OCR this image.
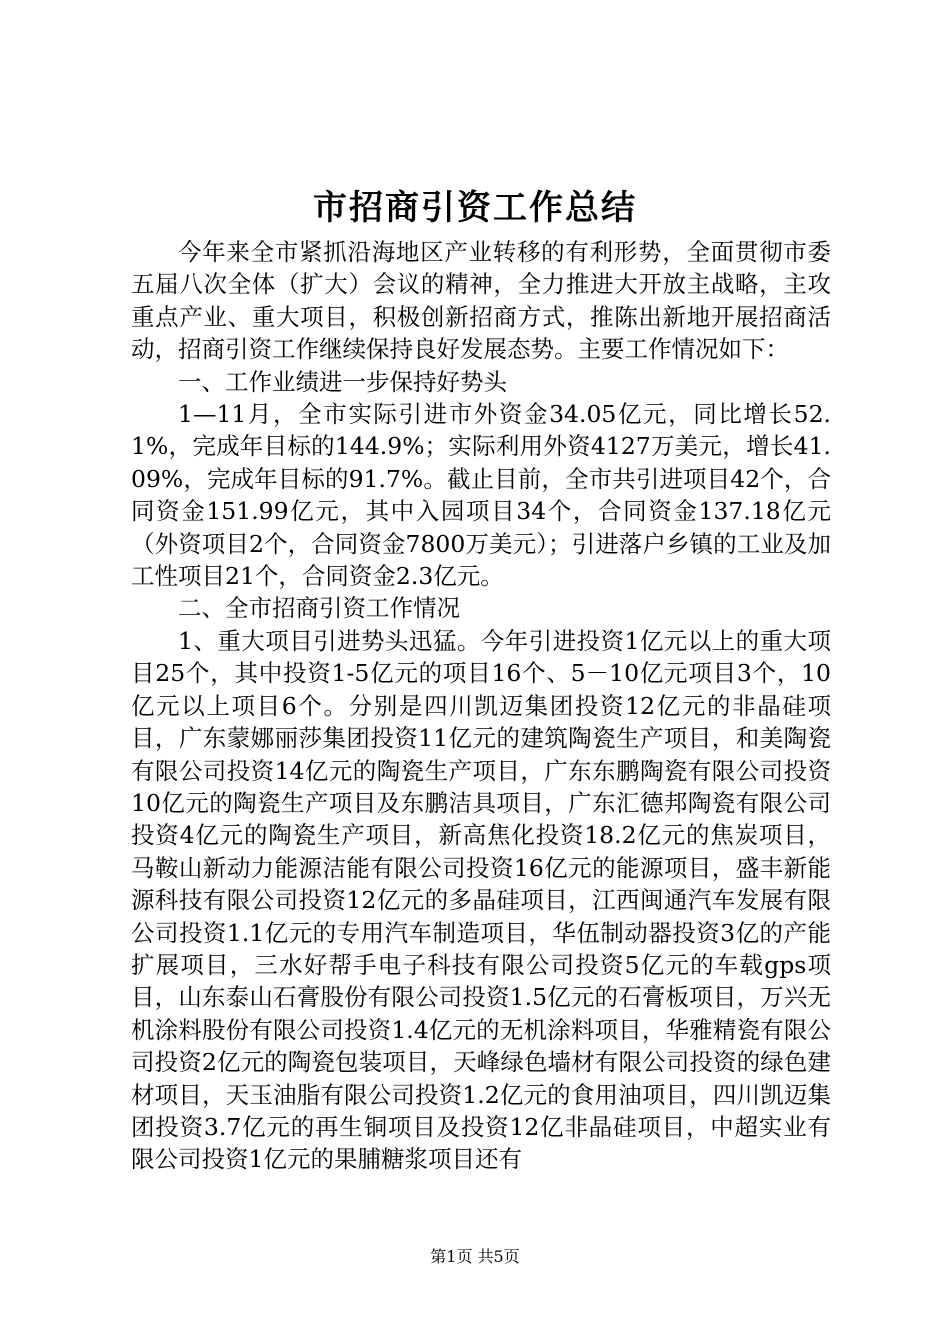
市招商引资工作总结

今年来全市紧抓沿海地区产业转移的有利形势，全面贯彻市委五届八次全体（扩大）会议的精神，全力推进大开放主战略，主攻重点产业、重大项目，积极创新招商方式，推陈出新地开展招商活动，招商引资工作继续保持良好发展态势。主要工作情况如下：

一、工作业绩进一步保持好势头

1—11月，全市实际引进市外资金34.05亿元，同比增长52.1%，完成年目标的144.9%；实际利用外资4127万美元，增长41.09%，完成年目标的91.7%。截止目前，全市共引进项目42个，合同资金151.99亿元，其中入园项目34个，合同资金137.18亿元（外资项目2个，合同资金7800万美元）；引进落户乡镇的工业及加工性项目21个，合同资金2.3亿元。

二、全市招商引资工作情况

1、重大项目引进势头迅猛。今年引进投资1亿元以上的重大项目25个，其中投资1-5亿元的项目16个、5－10亿元项目3个，10亿元以上项目6个。分别是四川凯迈集团投资12亿元的非晶硅项目，广东蒙娜丽莎集团投资11亿元的建筑陶瓷生产项目，和美陶瓷有限公司投资14亿元的陶瓷生产项目，广东东鹏陶瓷有限公司投资10亿元的陶瓷生产项目及东鹏洁具项目，广东汇德邦陶瓷有限公司投资4亿元的陶瓷生产项目，新高焦化投资18.2亿元的焦炭项目，马鞍山新动力能源洁能有限公司投资16亿元的能源项目，盛丰新能源科技有限公司投资12亿元的多晶硅项目，江西闽通汽车发展有限公司投资1.1亿元的专用汽车制造项目，华伍制动器投资3亿的产能扩展项目，三水好帮手电子科技有限公司投资5亿元的车载gps项目，山东泰山石膏股份有限公司投资1.5亿元的石膏板项目，万兴无机涂料股份有限公司投资1.4亿元的无机涂料项目，华雅精瓷有限公司投资2亿元的陶瓷包装项目，天峰绿色墙材有限公司投资的绿色建材项目，天玉油脂有限公司投资1.2亿元的食用油项目，四川凯迈集团投资3.7亿元的再生铜项目及投资12亿非晶硅项目，中超实业有限公司投资1亿元的果脯糖浆项目还有

第1页 共5页
